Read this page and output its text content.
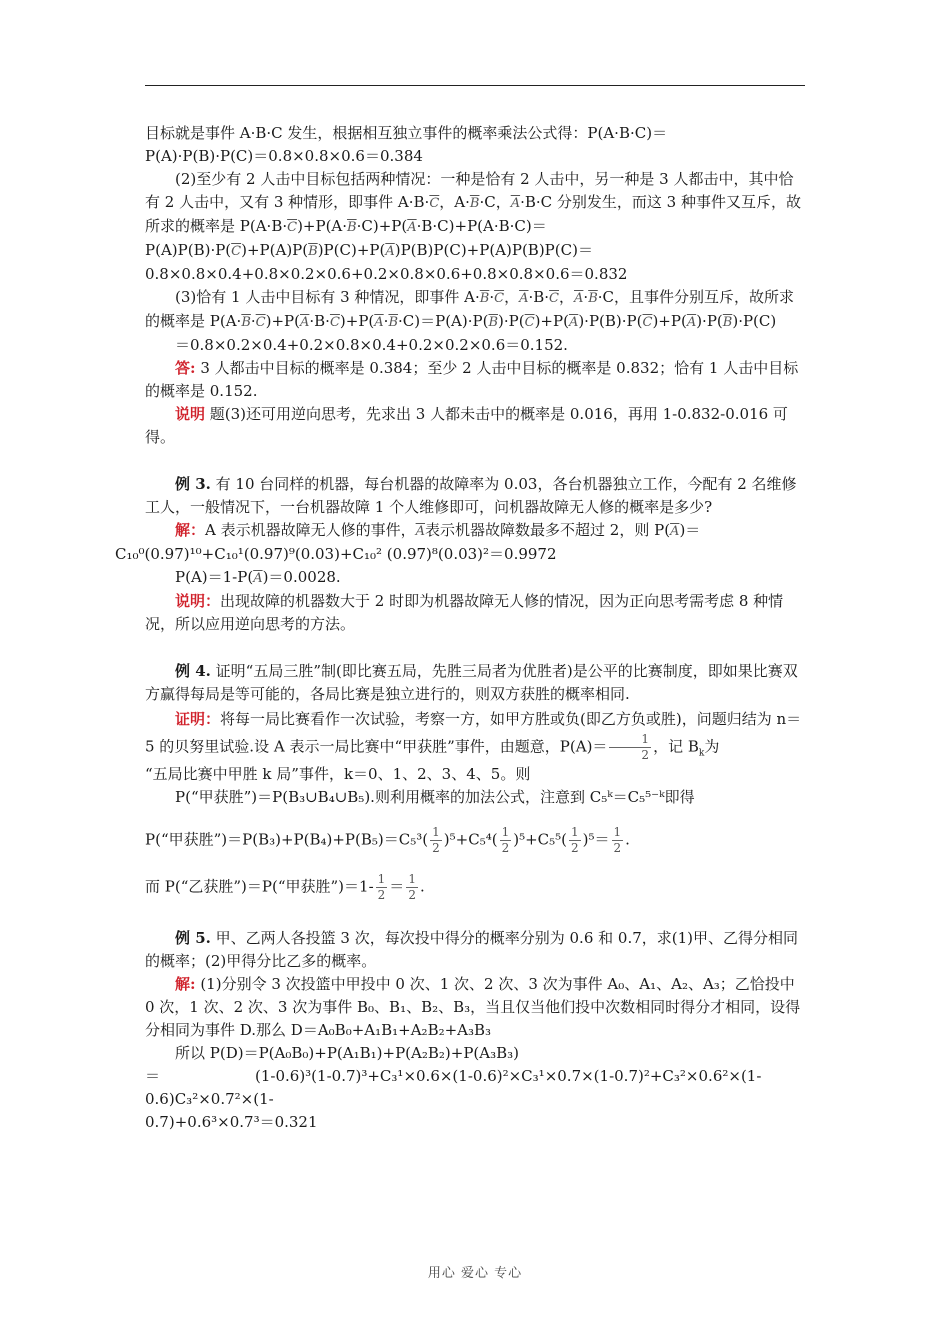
目标就是事件 A·B·C 发生，根据相互独立事件的概率乘法公式得：P(A·B·C)＝
P(A)·P(B)·P(C)＝0.8×0.8×0.6＝0.384

(2)至少有 2 人击中目标包括两种情况：一种是恰有 2 人击中，另一种是 3 人都击中，其中恰有 2 人击中，又有 3 种情形，即事件 $A\cdot B\cdot\overline{C}$，$A\cdot\overline{B}\cdot C$，$\overline{A}\cdot B\cdot C$ 分别发生，而这 3 种事件又互斥，故所求的概率是 $P(A\cdot B\cdot\overline{C})+P(A\cdot\overline{B}\cdot C)+P(\overline{A}\cdot B\cdot C)+P(A\cdot B\cdot C)=P(A)P(B)\cdot P(\overline{C})+P(A)P(\overline{B})P(C)+P(\overline{A})P(B)P(C)+P(A)P(B)P(C)=0.8\times 0.8\times 0.4+0.8\times 0.2\times 0.6+0.2\times 0.8$×0.6+0.8×0.8×0.6＝0.832

(3)恰有 1 人击中目标有 3 种情况，即事件 $A\cdot\overline{B}\cdot\overline{C}$，$\overline{A}\cdot B\cdot\overline{C}$，$\overline{A}\cdot\overline{B}\cdot C$，且事件分别互斥，故所求的概率是 $P(A\cdot\overline{B}\cdot\overline{C})+P(\overline{A}\cdot B\cdot\overline{C})+P(\overline{A}\cdot\overline{B}\cdot C)=P(A)\cdot P(\overline{B})\cdot P(\overline{C})+P(\overline{A})\cdot P(B)\cdot P(\overline{C})+P(\overline{A})\cdot P(\overline{B})\cdot P(C)$

＝0.8×0.2×0.4+0.2×0.8×0.4+0.2×0.2×0.6＝0.152.

答: 3 人都击中目标的概率是 0.384；至少 2 人击中目标的概率是 0.832；恰有 1 人击中目标的概率是 0.152.

说明 题(3)还可用逆向思考，先求出 3 人都未击中的概率是 0.016，再用 1-0.832-0.016 可得。

例 3. 有 10 台同样的机器，每台机器的故障率为 0.03，各台机器独立工作，今配有 2 名维修工人，一般情况下，一台机器故障 1 个人维修即可，问机器故障无人修的概率是多少?

解：A 表示机器故障无人修的事件，$\overline{A}$表示机器故障数最多不超过 2，则 $P(\overline{A})=$
C₁₀⁰(0.97)¹⁰+C₁₀¹(0.97)⁹(0.03)+C₁₀² (0.97)⁸(0.03)²＝0.9972

$P(A)=1-P(\overline{A})=0.0028$.

说明：出现故障的机器数大于 2 时即为机器故障无人修的情况，因为正向思考需考虑 8 种情况，所以应用逆向思考的方法。

例 4. 证明“五局三胜”制(即比赛五局，先胜三局者为优胜者)是公平的比赛制度，即如果比赛双方赢得每局是等可能的，各局比赛是独立进行的，则双方获胜的概率相同.

证明：将每一局比赛看作一次试验，考察一方，如甲方胜或负(即乙方负或胜)，问题归结为 n＝5 的贝努里试验.设 A 表示一局比赛中“甲获胜”事件，由题意，$P(A)= \frac{1}{2}$ ，记 $B_k$为

“五局比赛中甲胜 k 局”事件，k＝0、1、2、3、4、5。则

P(“甲获胜”)＝P(B₃∪B₄∪B₅).则利用概率的加法公式，注意到 C₅ᵏ＝C₅⁵⁻ᵏ即得

P(“甲获胜”)＝P(B₃)+P(B₄)+P(B₅)＝C₅³( $\frac{1}{2} )^5+C_5^4( \frac{1}{2} )^5+C_5^5( \frac{1}{2} )^5= \frac{1}{2}$ .

而 P(“乙获胜”)＝P(“甲获胜”)＝1- $\frac{1}{2} = \frac{1}{2}$ .

例 5. 甲、乙两人各投篮 3 次，每次投中得分的概率分别为 0.6 和 0.7，求(1)甲、乙得分相同的概率；(2)甲得分比乙多的概率。

解: (1)分别令 3 次投篮中甲投中 0 次、1 次、2 次、3 次为事件 A₀、A₁、A₂、A₃；乙恰投中 0 次，1 次、2 次、3 次为事件 B₀、B₁、B₂、B₃，当且仅当他们投中次数相同时得分才相同，设得分相同为事件 D.那么 D＝A₀B₀+A₁B₁+A₂B₂+A₃B₃

所以 P(D)＝P(A₀B₀)+P(A₁B₁)+P(A₂B₂)+P(A₃B₃)

＝	(1-0.6)³(1-0.7)³+C₃¹×0.6×(1-0.6)²×C₃¹×0.7×(1-0.7)²+C₃²×0.6²×(1-0.6)C₃²×0.7²×(1-

0.7)+0.6³×0.7³＝0.321

用心 爱心 专心
